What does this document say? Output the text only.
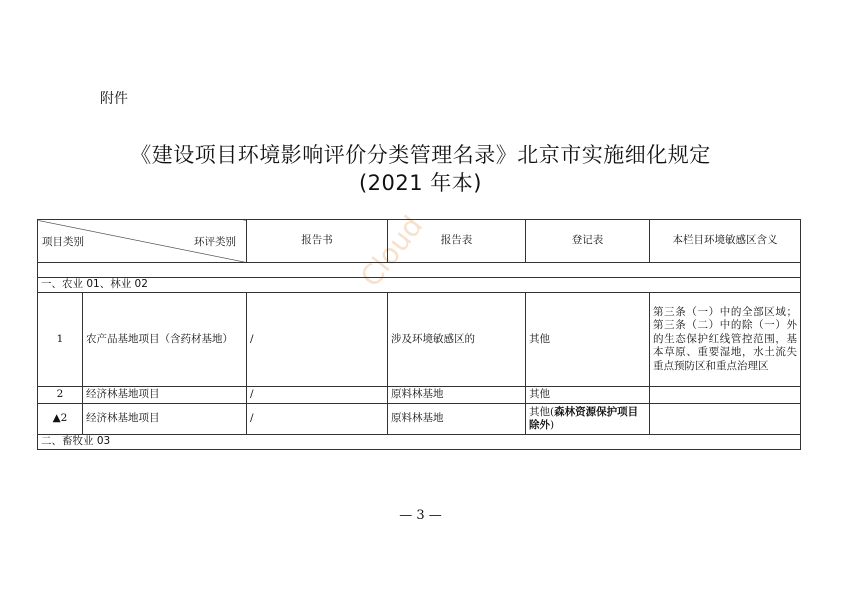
附件
《建设项目环境影响评价分类管理名录》北京市实施细化规定
(2021 年本)
Cloud
环评类别
项目类别		报告书	报告表	登记表	本栏目环境敏感区含义

一、农业 01、林业 02					
1	农产品基地项目（含药材基地）	/	涉及环境敏感区的	其他	第三条（一）中的全部区域；第三条（二）中的除（一）外的生态保护红线管控范围，基本草原、重要湿地，水土流失重点预防区和重点治理区
2	经济林基地项目	/	原料林基地	其他	
▲2	经济林基地项目	/	原料林基地	其他(森林资源保护项目除外)	
二、畜牧业 03					
— 3 —
